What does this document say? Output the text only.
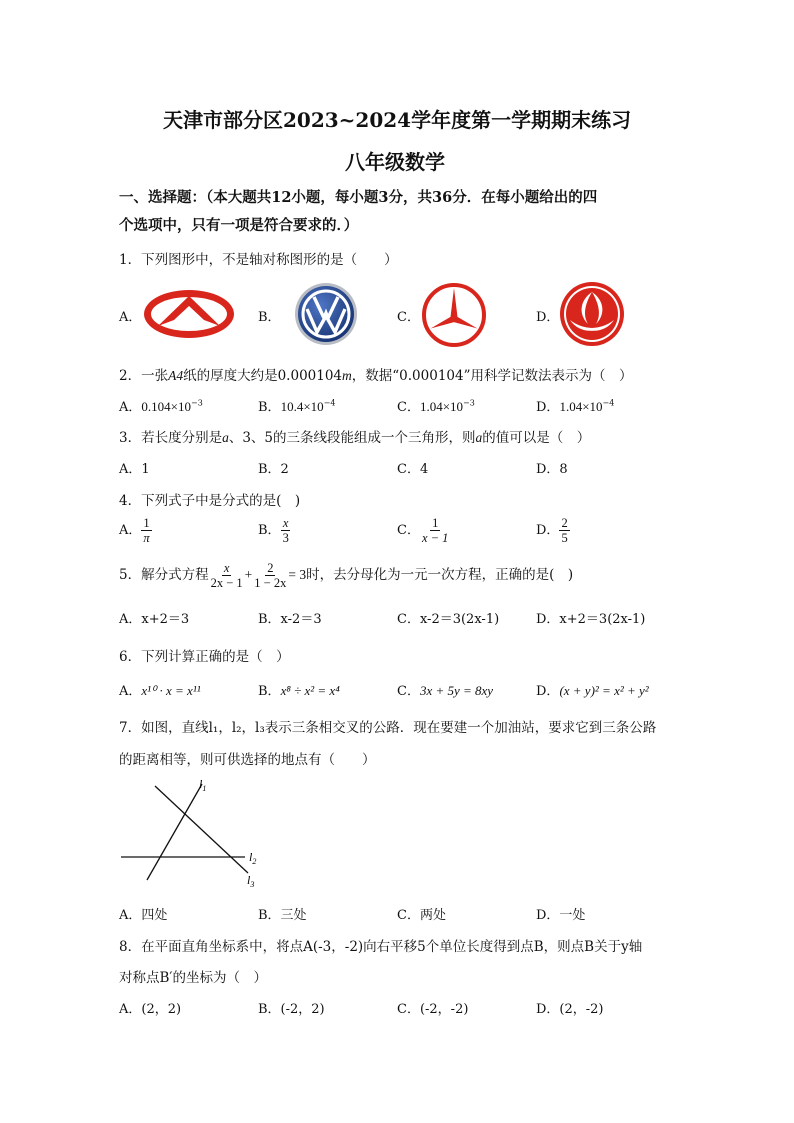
天津市部分区2023~2024学年度第一学期期末练习
八年级数学
一、选择题：（本大题共12小题，每小题3分，共36分．在每小题给出的四
个选项中，只有一项是符合要求的．）
1．下列图形中，不是轴对称图形的是（　　）
A．	B．	C．	D．
2．一张A4纸的厚度大约是0.000104m，数据“0.000104”用科学记数法表示为（　）
A．$0.104\times 10^{-3}$	B．$10.4\times 10^{-4}$	C．$1.04\times 10^{-3}$	D．$1.04\times 10^{-4}$
3．若长度分别是a、3、5的三条线段能组成一个三角形，则a的值可以是（　）
A．1	B．2	C．4	D．8
4．下列式子中是分式的是(　)
A． $\frac{1}{\pi}$	B． $\frac{x}{3}$	C． $\frac{1}{x - 1}$	D． $\frac{2}{5}$
5．解分式方程 $\frac{x}{2x - 1} + \frac{2}{1 - 2x} = 3$时，去分母化为一元一次方程，正确的是(　)
A．x+2＝3	B．x-2＝3	C．x-2＝3(2x-1)	D．x+2＝3(2x-1)
6．下列计算正确的是（　）
A．x¹⁰ · x = x¹¹	B．x⁸ ÷ x² = x⁴	C．3x + 5y = 8xy	D．(x + y)² = x² + y²
7．如图，直线l₁，l₂，l₃表示三条相交叉的公路．现在要建一个加油站，要求它到三条公路
的距离相等，则可供选择的地点有（　　）
$l_1$
$l_2$
$l_3$
A．四处	B．三处	C．两处	D．一处
8．在平面直角坐标系中，将点A(-3，-2)向右平移5个单位长度得到点B，则点B关于y轴
对称点B′的坐标为（　）
A．(2，2)	B．(-2，2)	C．(-2，-2)	D．(2，-2)
